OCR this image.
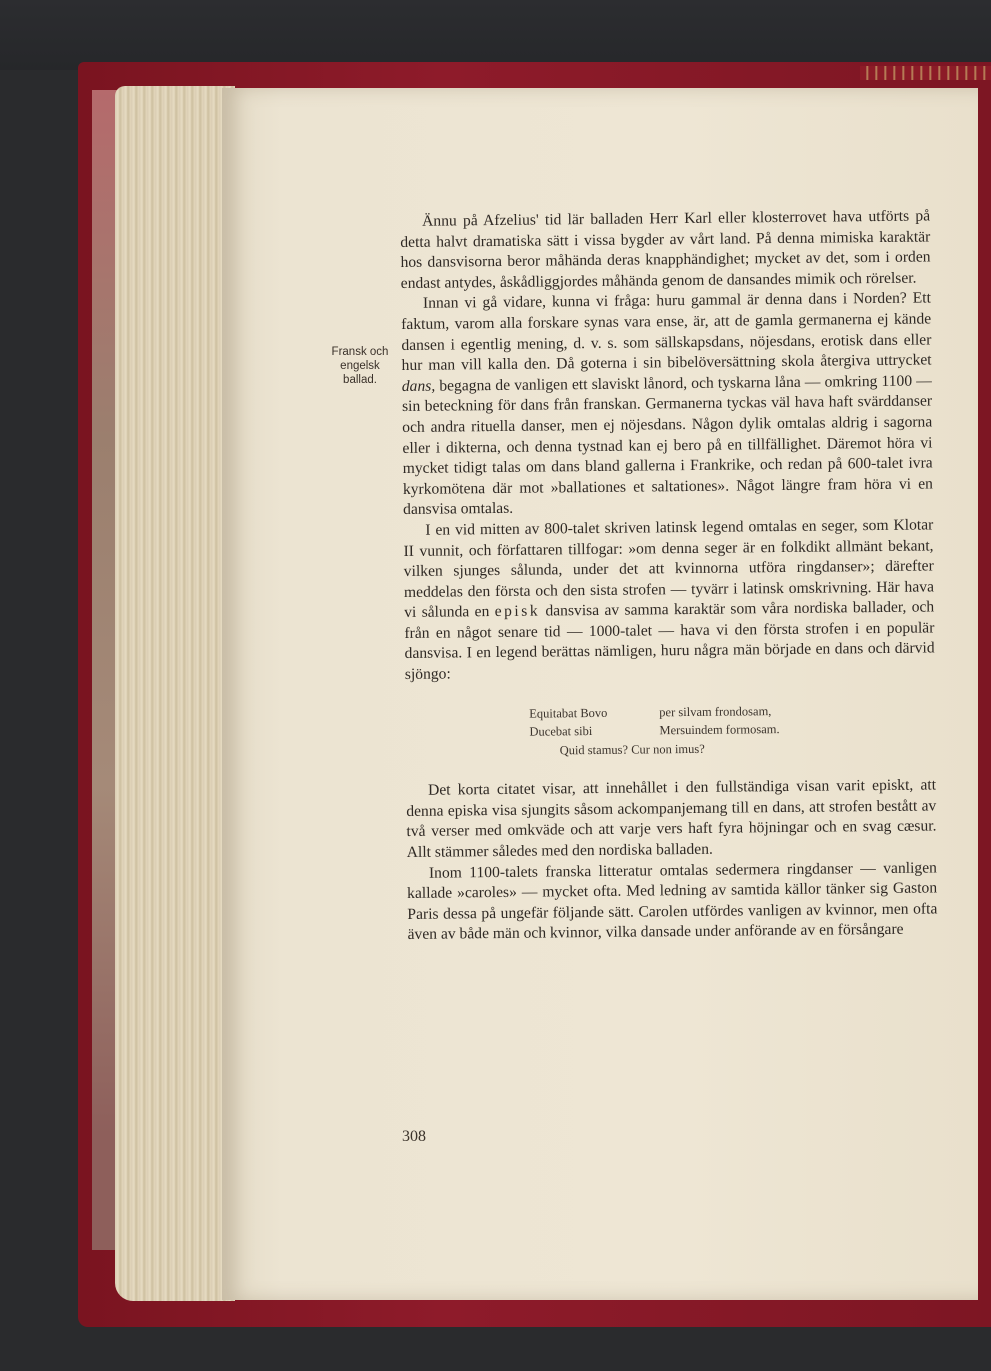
Fransk och
engelsk
ballad.

Ännu på Afzelius' tid lär balladen Herr Karl eller klosterrovet hava utförts på detta halvt dramatiska sätt i vissa bygder av vårt land. På denna mimiska karaktär hos dansvisorna beror måhända deras knapphändighet; mycket av det, som i orden endast antydes, åskådliggjordes måhända genom de dansandes mimik och rörelser.

Innan vi gå vidare, kunna vi fråga: huru gammal är denna dans i Norden? Ett faktum, varom alla forskare synas vara ense, är, att de gamla germanerna ej kände dansen i egentlig mening, d. v. s. som sällskapsdans, nöjesdans, erotisk dans eller hur man vill kalla den. Då goterna i sin bibelöversättning skola återgiva uttrycket dans, begagna de vanligen ett slaviskt lånord, och tyskarna låna — omkring 1100 — sin beteckning för dans från franskan. Germanerna tyckas väl hava haft svärddanser och andra rituella danser, men ej nöjesdans. Någon dylik omtalas aldrig i sagorna eller i dikterna, och denna tystnad kan ej bero på en tillfällighet. Däremot höra vi mycket tidigt talas om dans bland gallerna i Frankrike, och redan på 600-talet ivra kyrkomötena där mot »ballationes et saltationes». Något längre fram höra vi en dansvisa omtalas.

I en vid mitten av 800-talet skriven latinsk legend omtalas en seger, som Klotar II vunnit, och författaren tillfogar: »om denna seger är en folkdikt allmänt bekant, vilken sjunges sålunda, under det att kvinnorna utföra ringdanser»; därefter meddelas den första och den sista strofen — tyvärr i latinsk omskrivning. Här hava vi sålunda en episk dansvisa av samma karaktär som våra nordiska ballader, och från en något senare tid — 1000-talet — hava vi den första strofen i en populär dansvisa. I en legend berättas nämligen, huru några män började en dans och därvid sjöngo:

Equitabat Bovo	per silvam frondosam,
Ducebat sibi	Mersuindem formosam.
Quid stamus? Cur non imus?

Det korta citatet visar, att innehållet i den fullständiga visan varit episkt, att denna episka visa sjungits såsom ackompanjemang till en dans, att strofen bestått av två verser med omkväde och att varje vers haft fyra höjningar och en svag cæsur. Allt stämmer således med den nordiska balladen.

Inom 1100-talets franska litteratur omtalas sedermera ringdanser — vanligen kallade »caroles» — mycket ofta. Med ledning av samtida källor tänker sig Gaston Paris dessa på ungefär följande sätt. Carolen utfördes vanligen av kvinnor, men ofta även av både män och kvinnor, vilka dansade under anförande av en försångare

308
